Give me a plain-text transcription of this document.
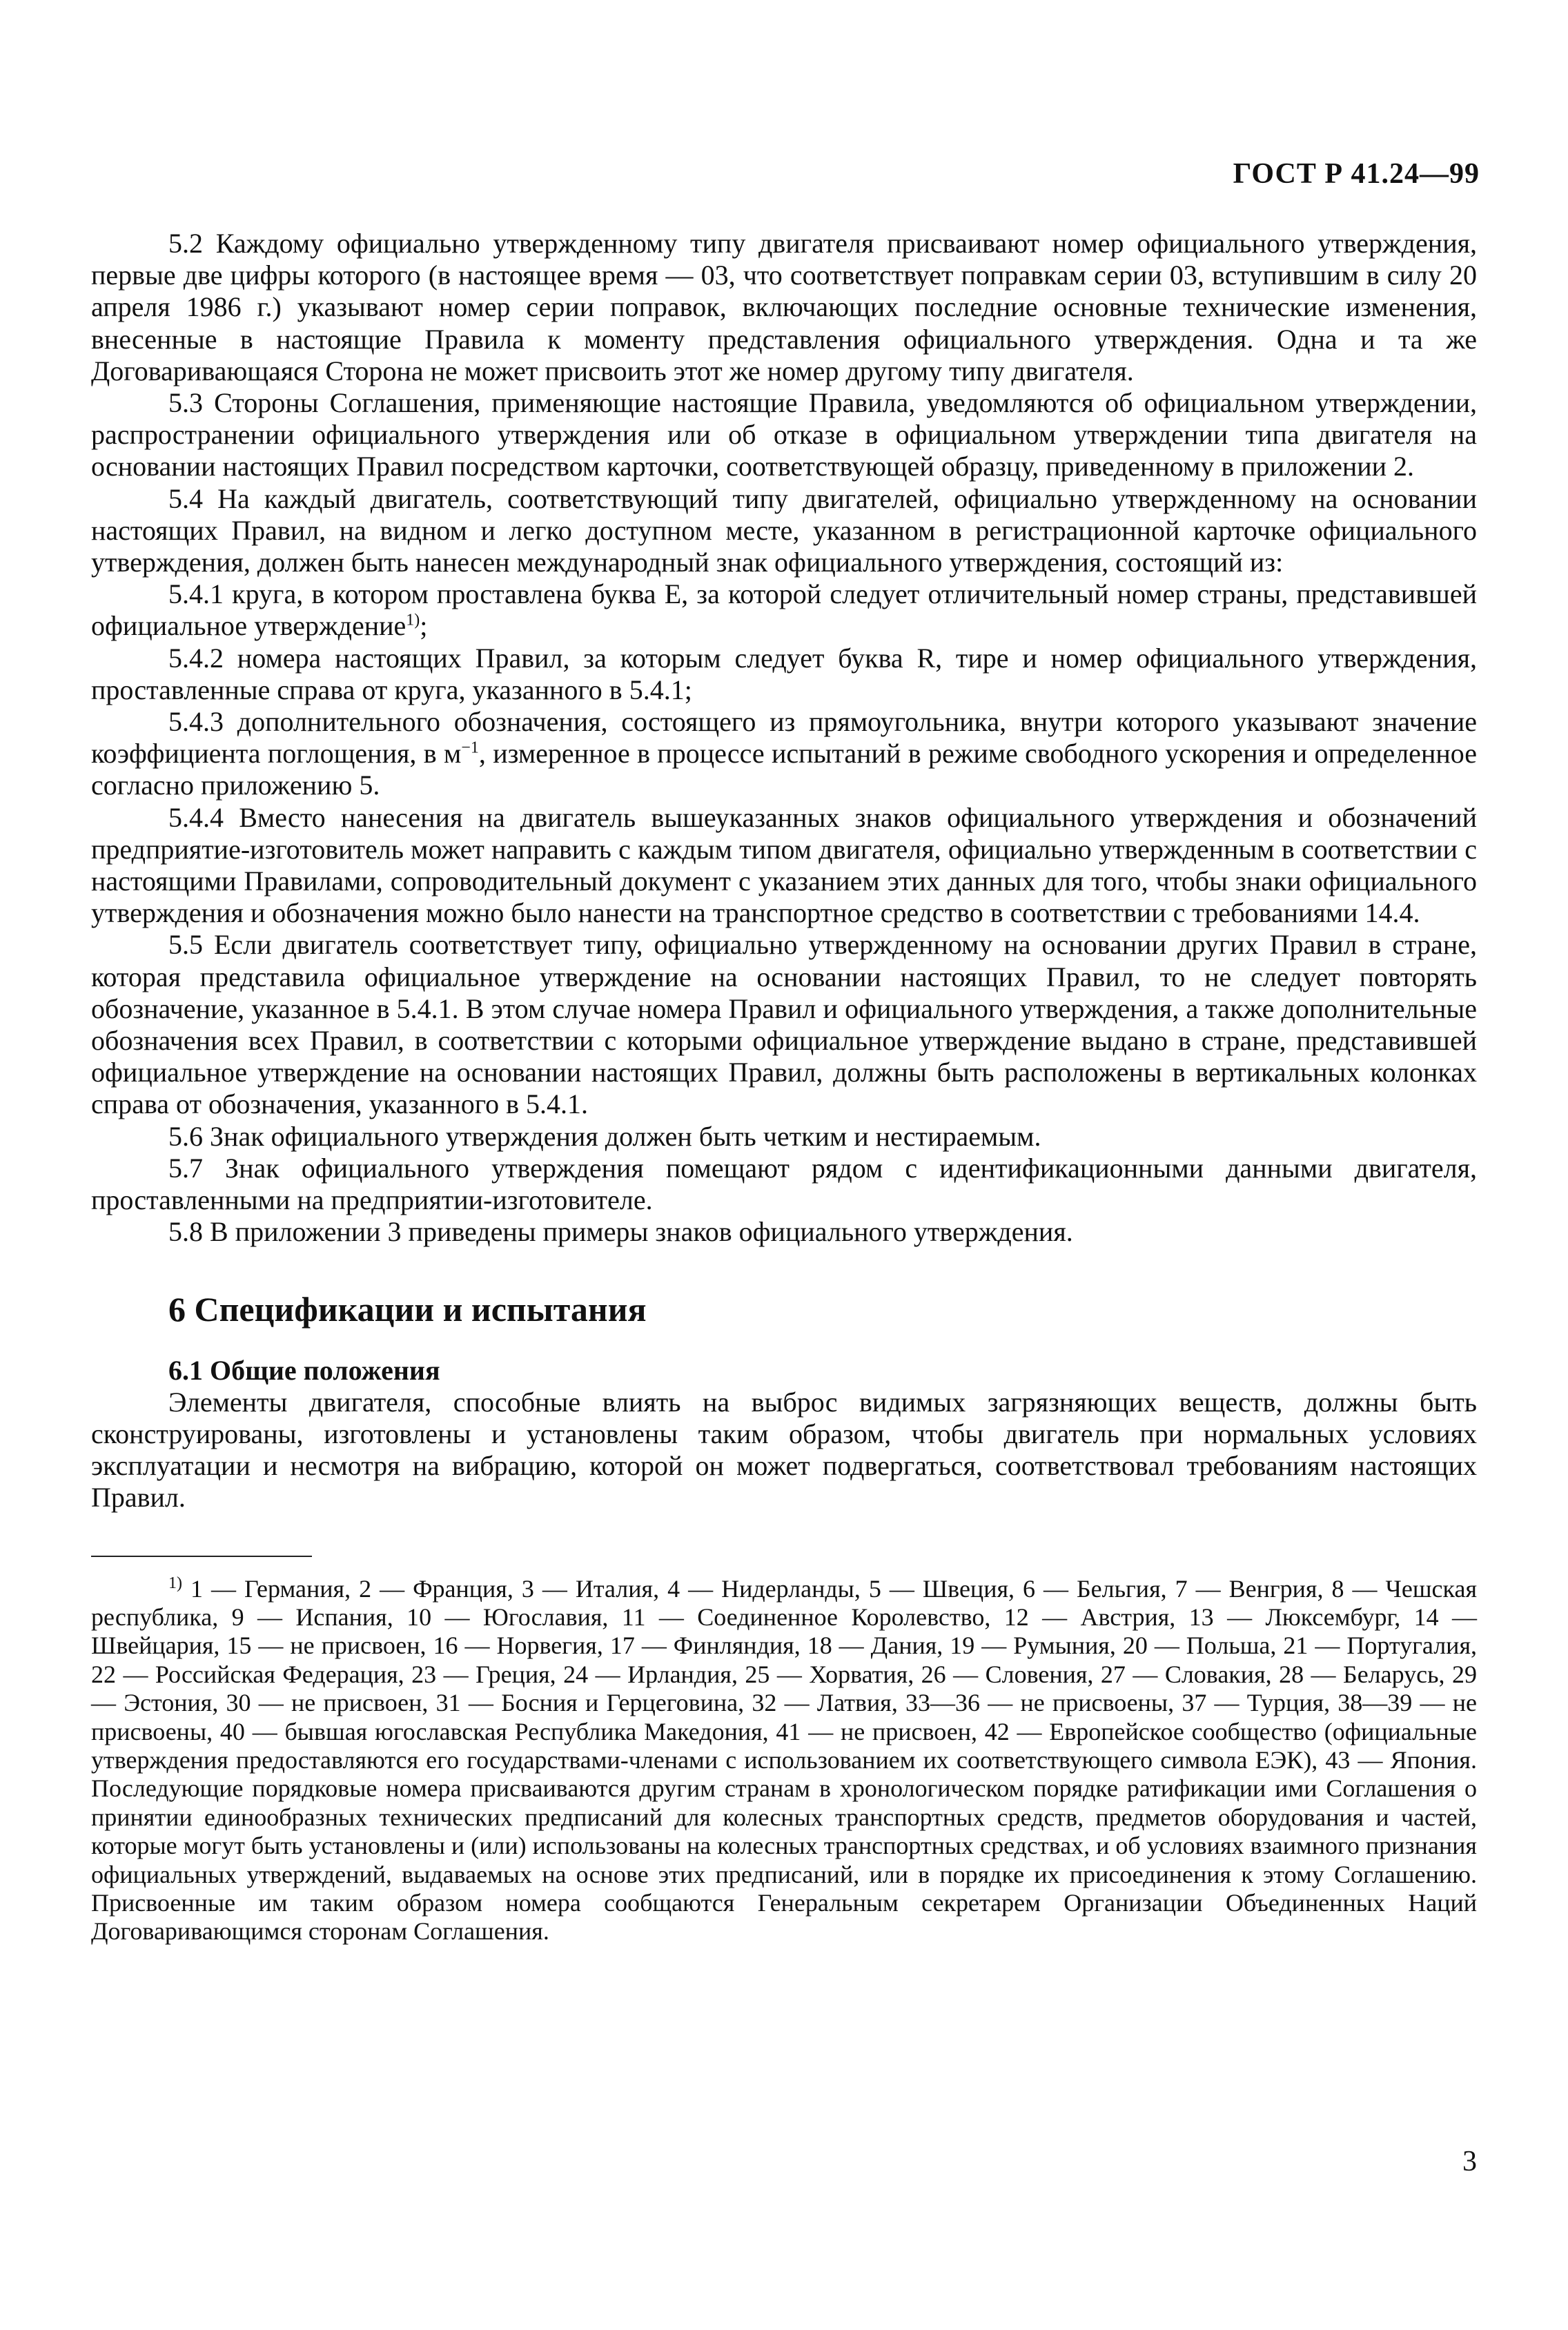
ГОСТ Р 41.24—99

5.2 Каждому официально утвержденному типу двигателя присваивают номер официального утверждения, первые две цифры которого (в настоящее время — 03, что соответствует поправкам серии 03, вступившим в силу 20 апреля 1986 г.) указывают номер серии поправок, включающих последние основные технические изменения, внесенные в настоящие Правила к моменту представления официального утверждения. Одна и та же Договаривающаяся Сторона не может присвоить этот же номер другому типу двигателя.

5.3 Стороны Соглашения, применяющие настоящие Правила, уведомляются об официальном утверждении, распространении официального утверждения или об отказе в официальном утверждении типа двигателя на основании настоящих Правил посредством карточки, соответствующей образцу, приведенному в приложении 2.

5.4 На каждый двигатель, соответствующий типу двигателей, официально утвержденному на основании настоящих Правил, на видном и легко доступном месте, указанном в регистрационной карточке официального утверждения, должен быть нанесен международный знак официального утверждения, состоящий из:

5.4.1 круга, в котором проставлена буква Е, за которой следует отличительный номер страны, представившей официальное утверждение$^{1)}$;

5.4.2 номера настоящих Правил, за которым следует буква R, тире и номер официального утверждения, проставленные справа от круга, указанного в 5.4.1;

5.4.3 дополнительного обозначения, состоящего из прямоугольника, внутри которого указывают значение коэффициента поглощения, в $м^{-1}$, измеренное в процессе испытаний в режиме свободного ускорения и определенное согласно приложению 5.

5.4.4 Вместо нанесения на двигатель вышеуказанных знаков официального утверждения и обозначений предприятие-изготовитель может направить с каждым типом двигателя, официально утвержденным в соответствии с настоящими Правилами, сопроводительный документ с указанием этих данных для того, чтобы знаки официального утверждения и обозначения можно было нанести на транспортное средство в соответствии с требованиями 14.4.

5.5 Если двигатель соответствует типу, официально утвержденному на основании других Правил в стране, которая представила официальное утверждение на основании настоящих Правил, то не следует повторять обозначение, указанное в 5.4.1. В этом случае номера Правил и официального утверждения, а также дополнительные обозначения всех Правил, в соответствии с которыми официальное утверждение выдано в стране, представившей официальное утверждение на основании настоящих Правил, должны быть расположены в вертикальных колонках справа от обозначения, указанного в 5.4.1.

5.6 Знак официального утверждения должен быть четким и нестираемым.

5.7 Знак официального утверждения помещают рядом с идентификационными данными двигателя, проставленными на предприятии-изготовителе.

5.8 В приложении 3 приведены примеры знаков официального утверждения.

6 Спецификации и испытания
6.1 Общие положения

Элементы двигателя, способные влиять на выброс видимых загрязняющих веществ, должны быть сконструированы, изготовлены и установлены таким образом, чтобы двигатель при нормальных условиях эксплуатации и несмотря на вибрацию, которой он может подвергаться, соответствовал требованиям настоящих Правил.

$^{1)}$ 1 — Германия, 2 — Франция, 3 — Италия, 4 — Нидерланды, 5 — Швеция, 6 — Бельгия, 7 — Венгрия, 8 — Чешская республика, 9 — Испания, 10 — Югославия, 11 — Соединенное Королевство, 12 — Австрия, 13 — Люксембург, 14 — Швейцария, 15 — не присвоен, 16 — Норвегия, 17 — Финляндия, 18 — Дания, 19 — Румыния, 20 — Польша, 21 — Португалия, 22 — Российская Федерация, 23 — Греция, 24 — Ирландия, 25 — Хорватия, 26 — Словения, 27 — Словакия, 28 — Беларусь, 29 — Эстония, 30 — не присвоен, 31 — Босния и Герцеговина, 32 — Латвия, 33—36 — не присвоены, 37 — Турция, 38—39 — не присвоены, 40 — бывшая югославская Республика Македония, 41 — не присвоен, 42 — Европейское сообщество (официальные утверждения предоставляются его государствами-членами с использованием их соответствующего символа ЕЭК), 43 — Япония. Последующие порядковые номера присваиваются другим странам в хронологическом порядке ратификации ими Соглашения о принятии единообразных технических предписаний для колесных транспортных средств, предметов оборудования и частей, которые могут быть установлены и (или) использованы на колесных транспортных средствах, и об условиях взаимного признания официальных утверждений, выдаваемых на основе этих предписаний, или в порядке их присоединения к этому Соглашению. Присвоенные им таким образом номера сообщаются Генеральным секретарем Организации Объединенных Наций Договаривающимся сторонам Соглашения.

3
